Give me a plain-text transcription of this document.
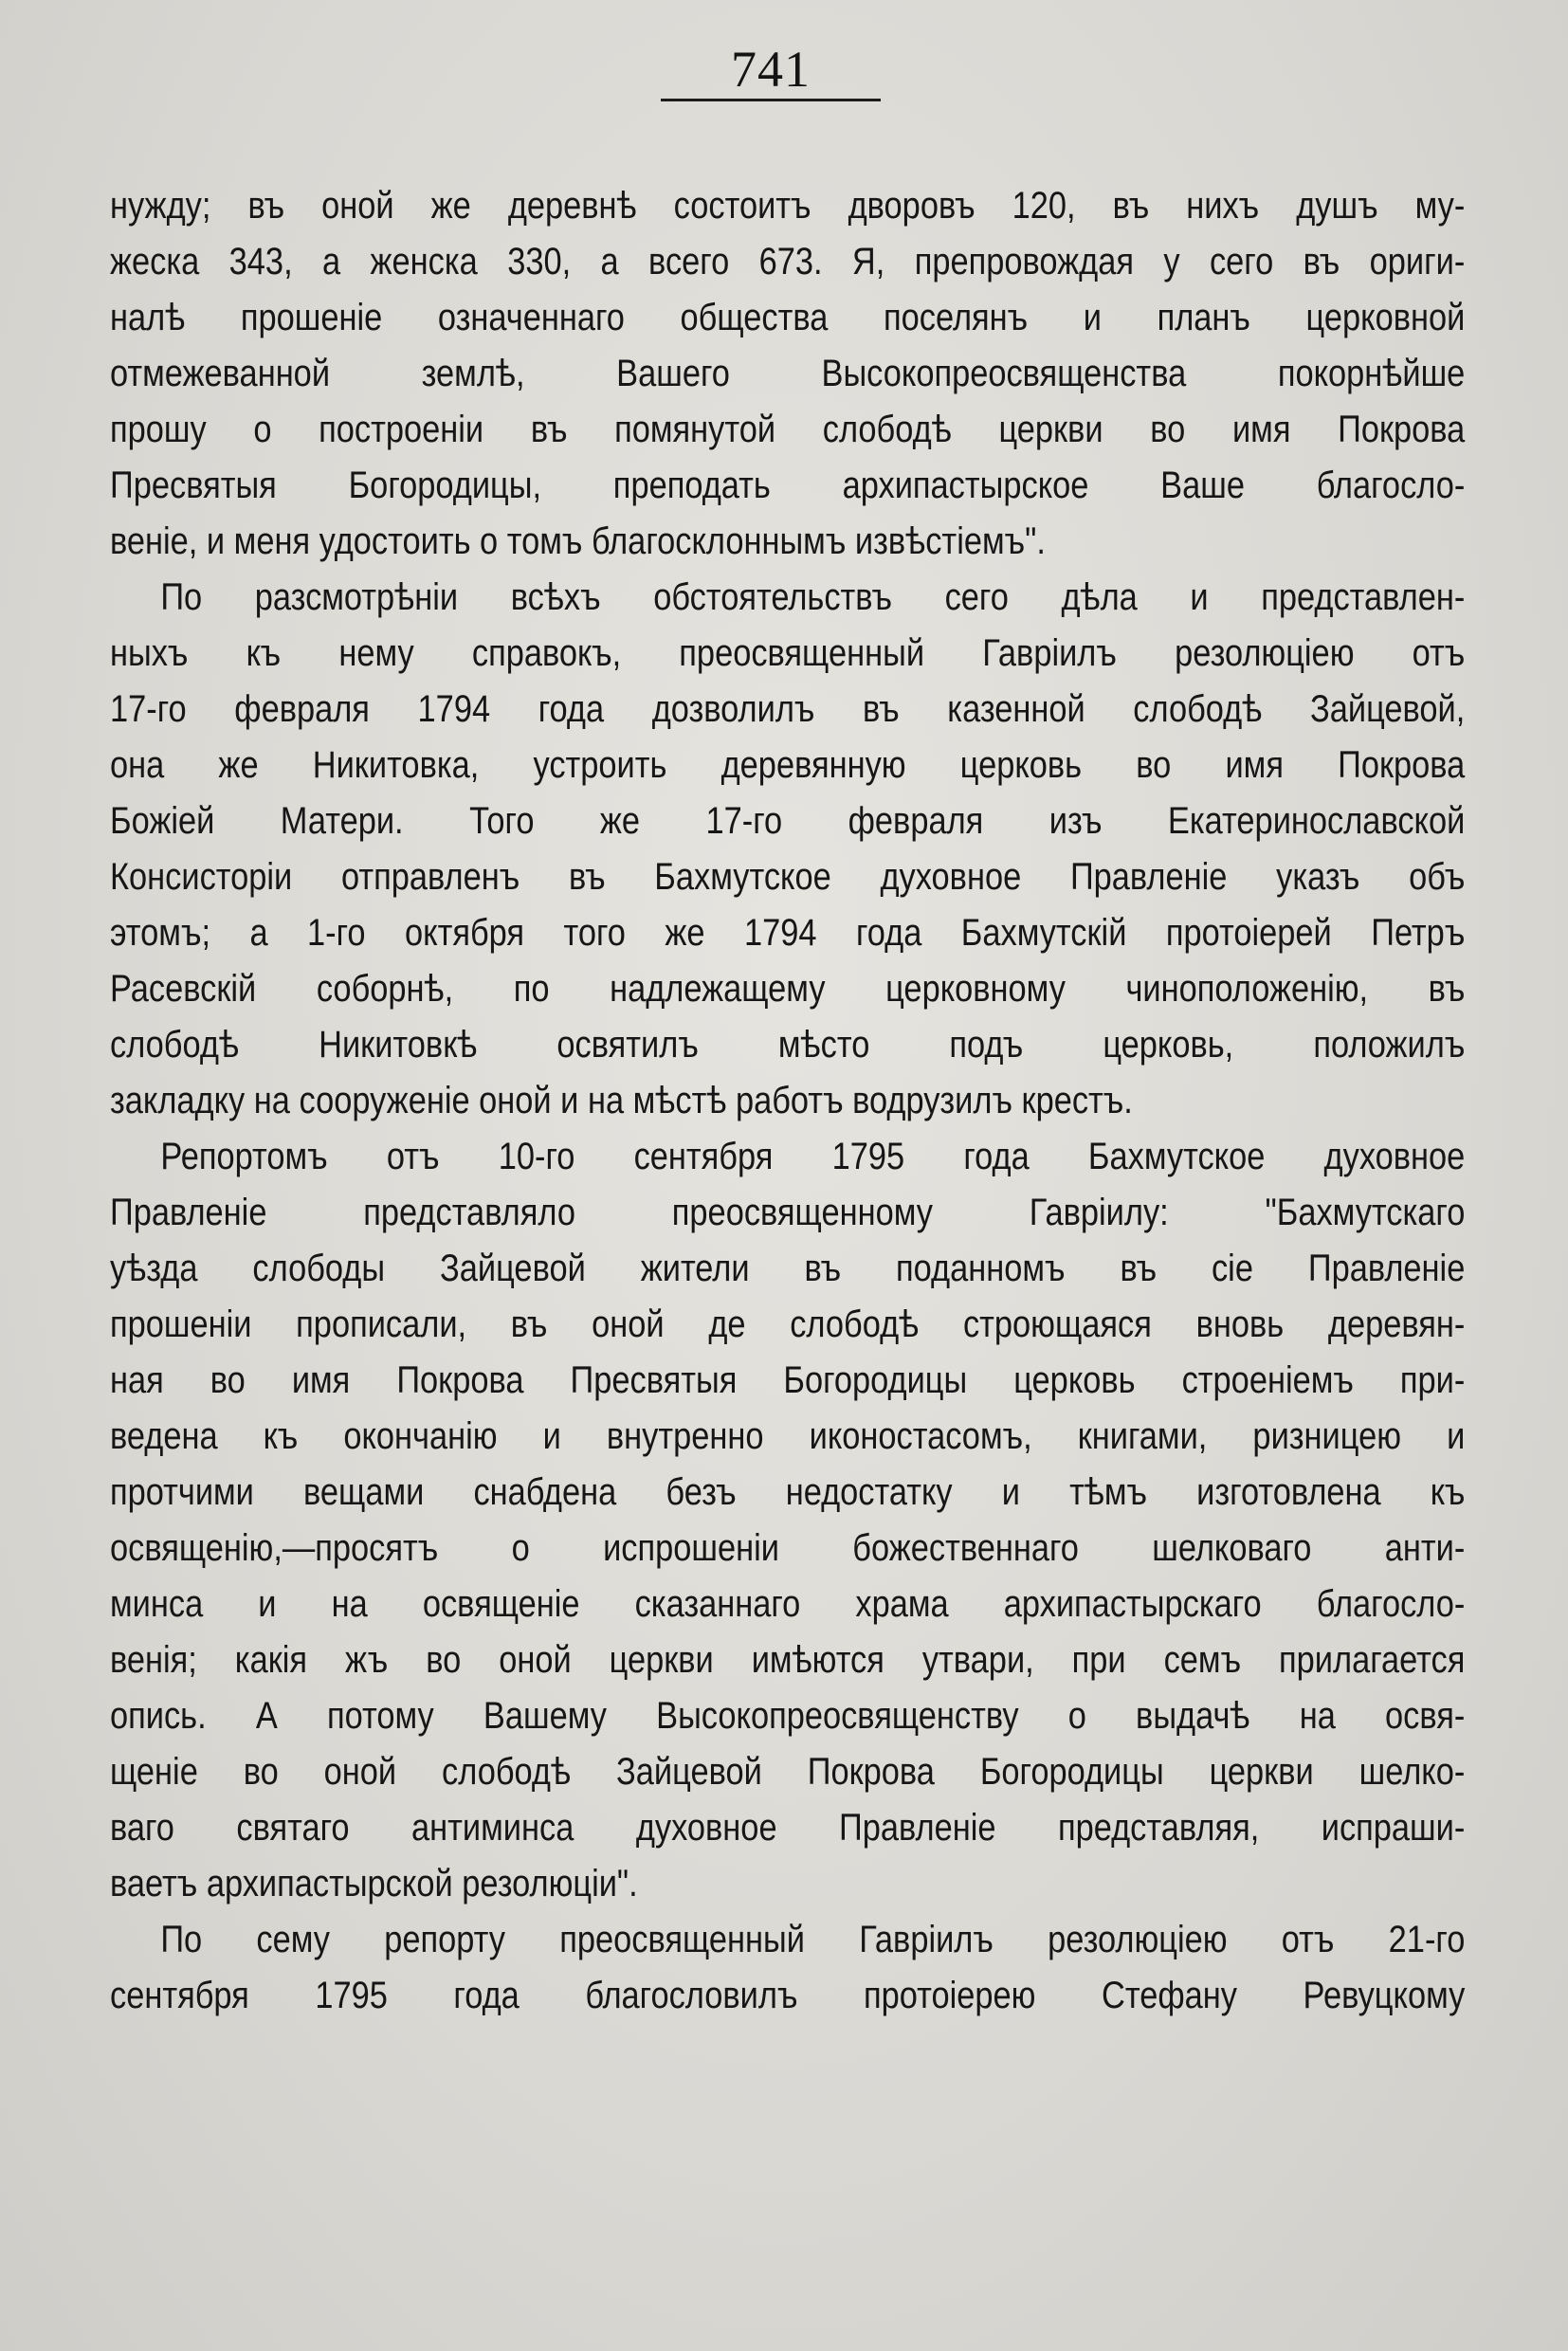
741
нужду; въ оной же деревнѣ состоитъ дворовъ 120, въ нихъ душъ му-
жеска 343, а женска 330, а всего 673. Я, препровождая у сего въ ориги-
налѣ прошеніе означеннаго общества поселянъ и планъ церковной
отмежеванной землѣ, Вашего Высокопреосвященства покорнѣйше
прошу о построеніи въ помянутой слободѣ церкви во имя Покрова
Пресвятыя Богородицы, преподать архипастырское Ваше благосло-
веніе, и меня удостоить о томъ благосклоннымъ извѣстіемъ".
По разсмотрѣніи всѣхъ обстоятельствъ сего дѣла и представлен-
ныхъ къ нему справокъ, преосвященный Гавріилъ резолюціею отъ
17-го февраля 1794 года дозволилъ въ казенной слободѣ Зайцевой,
она же Никитовка, устроить деревянную церковь во имя Покрова
Божіей Матери. Того же 17-го февраля изъ Екатеринославской
Консисторіи отправленъ въ Бахмутское духовное Правленіе указъ объ
этомъ; а 1-го октября того же 1794 года Бахмутскій протоіерей Петръ
Расевскій соборнѣ, по надлежащему церковному чиноположенію, въ
слободѣ Никитовкѣ освятилъ мѣсто подъ церковь, положилъ
закладку на сооруженіе оной и на мѣстѣ работъ водрузилъ крестъ.
Репортомъ отъ 10-го сентября 1795 года Бахмутское духовное
Правленіе представляло преосвященному Гавріилу: "Бахмутскаго
уѣзда слободы Зайцевой жители въ поданномъ въ сіе Правленіе
прошеніи прописали, въ оной де слободѣ строющаяся вновь деревян-
ная во имя Покрова Пресвятыя Богородицы церковь строеніемъ при-
ведена къ окончанію и внутренно иконостасомъ, книгами, ризницею и
протчими вещами снабдена безъ недостатку и тѣмъ изготовлена къ
освященію,—просятъ о испрошеніи божественнаго шелковаго анти-
минса и на освященіе сказаннаго храма архипастырскаго благосло-
венія; какія жъ во оной церкви имѣются утвари, при семъ прилагается
опись. А потому Вашему Высокопреосвященству о выдачѣ на освя-
щеніе во оной слободѣ Зайцевой Покрова Богородицы церкви шелко-
ваго святаго антиминса духовное Правленіе представляя, испраши-
ваетъ архипастырской резолюціи".
По сему репорту преосвященный Гавріилъ резолюціею отъ 21-го
сентября 1795 года благословилъ протоіерею Стефану Ревуцкому
